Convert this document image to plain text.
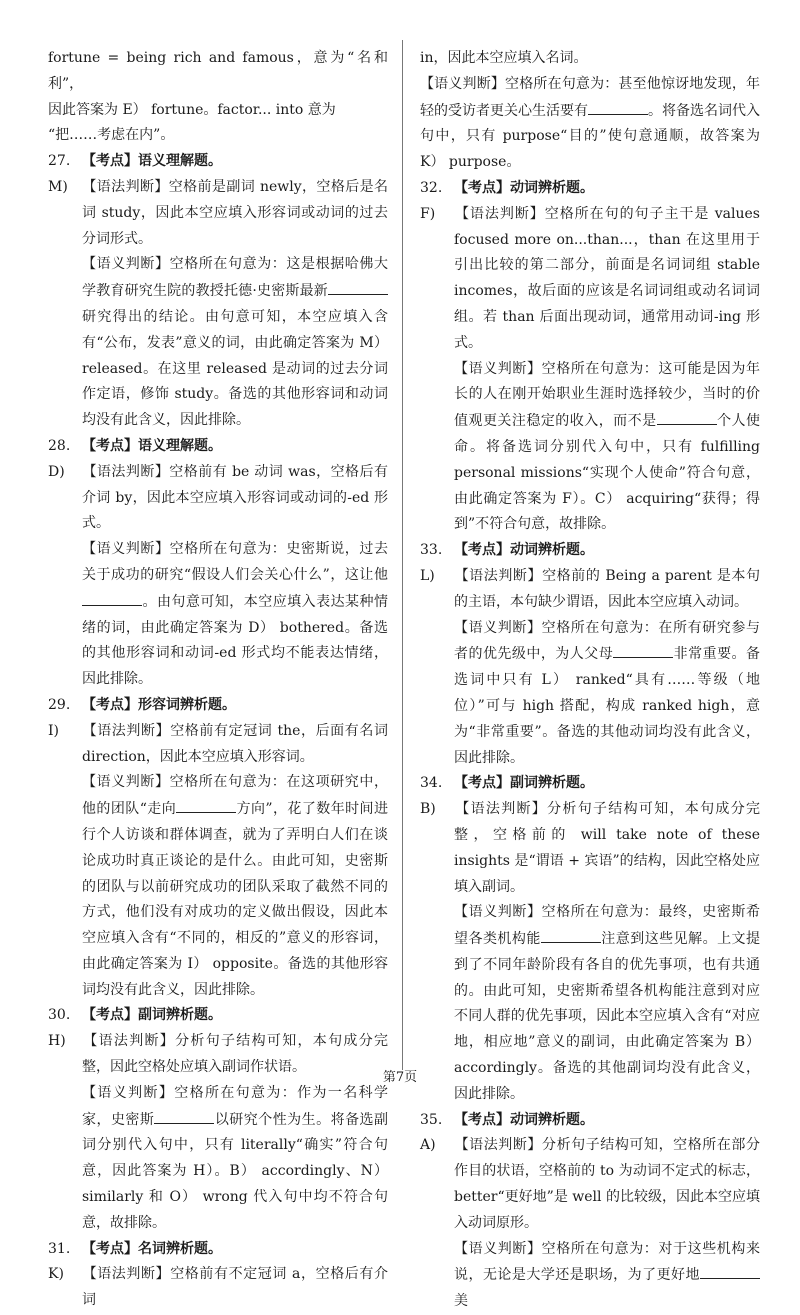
fortune = being rich and famous，意为“名和利”，
因此答案为 E） fortune。factor... into 意为
“把……考虑在内”。
27. 【考点】语义理解题。
M) 【语法判断】空格前是副词 newly，空格后是名词 study，因此本空应填入形容词或动词的过去分词形式。
【语义判断】空格所在句意为：这是根据哈佛大学教育研究生院的教授托德·史密斯最新研究得出的结论。由句意可知，本空应填入含有“公布，发表”意义的词，由此确定答案为 M） released。在这里 released 是动词的过去分词作定语，修饰 study。备选的其他形容词和动词均没有此含义，因此排除。
28. 【考点】语义理解题。
D) 【语法判断】空格前有 be 动词 was，空格后有介词 by，因此本空应填入形容词或动词的-ed 形式。
【语义判断】空格所在句意为：史密斯说，过去关于成功的研究“假设人们会关心什么”，这让他。由句意可知，本空应填入表达某种情绪的词，由此确定答案为 D） bothered。备选的其他形容词和动词-ed 形式均不能表达情绪，因此排除。
29. 【考点】形容词辨析题。
I) 【语法判断】空格前有定冠词 the，后面有名词 direction，因此本空应填入形容词。
【语义判断】空格所在句意为：在这项研究中，他的团队“走向	方向”，花了数年时间进行个人访谈和群体调查，就为了弄明白人们在谈论成功时真正谈论的是什么。由此可知，史密斯的团队与以前研究成功的团队采取了截然不同的方式，他们没有对成功的定义做出假设，因此本空应填入含有“不同的，相反的”意义的形容词，由此确定答案为 I） opposite。备选的其他形容词均没有此含义，因此排除。
30. 【考点】副词辨析题。
H) 【语法判断】分析句子结构可知，本句成分完整，因此空格处应填入副词作状语。
【语义判断】空格所在句意为：作为一名科学家，史密斯	以研究个性为生。将备选副词分别代入句中，只有 literally“确实”符合句意，因此答案为 H）。B） accordingly、N） similarly 和 O） wrong 代入句中均不符合句意，故排除。
31. 【考点】名词辨析题。
K) 【语法判断】空格前有不定冠词 a，空格后有介词
in，因此本空应填入名词。
【语义判断】空格所在句意为：甚至他惊讶地发现，年轻的受访者更关心生活要有	。将备选名词代入句中，只有 purpose“目的”使句意通顺，故答案为 K） purpose。
32. 【考点】动词辨析题。
F) 【语法判断】空格所在句的句子主干是 values focused more on...than...，than 在这里用于引出比较的第二部分，前面是名词词组 stable incomes，故后面的应该是名词词组或动名词词组。若 than 后面出现动词，通常用动词-ing 形式。
【语义判断】空格所在句意为：这可能是因为年长的人在刚开始职业生涯时选择较少，当时的价值观更关注稳定的收入，而不是	个人使命。将备选词分别代入句中，只有 fulfilling personal missions“实现个人使命”符合句意，由此确定答案为 F）。C） acquiring“获得；得到”不符合句意，故排除。
33. 【考点】动词辨析题。
L) 【语法判断】空格前的 Being a parent 是本句的主语，本句缺少谓语，因此本空应填入动词。
【语义判断】空格所在句意为：在所有研究参与者的优先级中，为人父母	非常重要。备选词中只有 L） ranked“具有……等级（地位）”可与 high 搭配，构成 ranked high，意为“非常重要”。备选的其他动词均没有此含义，因此排除。
34. 【考点】副词辨析题。
B) 【语法判断】分析句子结构可知，本句成分完整，空格前的 will take note of these insights 是“谓语 + 宾语”的结构，因此空格处应填入副词。
【语义判断】空格所在句意为：最终，史密斯希望各类机构能	注意到这些见解。上文提到了不同年龄阶段有各自的优先事项，也有共通的。由此可知，史密斯希望各机构能注意到对应不同人群的优先事项，因此本空应填入含有“对应地，相应地”意义的副词，由此确定答案为 B） accordingly。备选的其他副词均没有此含义，因此排除。
35. 【考点】动词辨析题。
A) 【语法判断】分析句子结构可知，空格所在部分作目的状语，空格前的 to 为动词不定式的标志，better“更好地”是 well 的比较级，因此本空应填入动词原形。
【语义判断】空格所在句意为：对于这些机构来说，无论是大学还是职场，为了更好地美
第7页
